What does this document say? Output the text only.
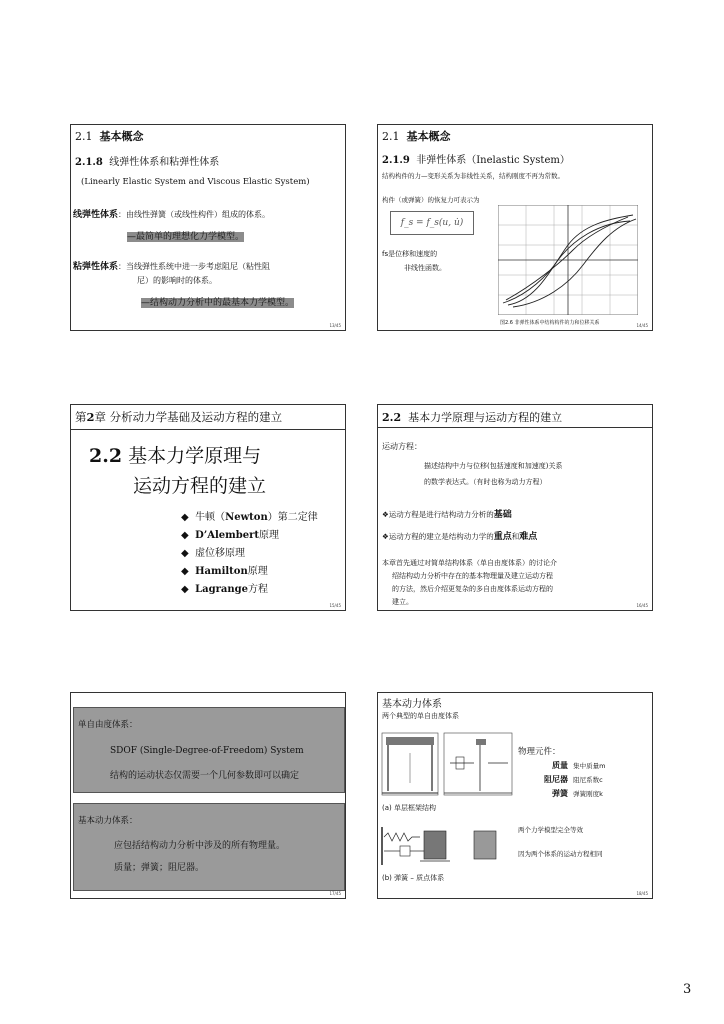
2.1 基本概念
2.1.8 线弹性体系和粘弹性体系
(Linearly Elastic System and Viscous Elastic System)
线弹性体系：由线性弹簧（或线性构件）组成的体系。
—最简单的理想化力学模型。
粘弹性体系：当线弹性系统中进一步考虑阻尼（粘性阻
尼）的影响时的体系。
—结构动力分析中的最基本力学模型。
13/45
2.1 基本概念
2.1.9 非弹性体系（Inelastic System）
结构构件的力—变形关系为非线性关系，结构刚度不再为常数。
构件（或弹簧）的恢复力可表示为
f_s = f_s(u, u̇)
fs是位移和速度的
非线性函数。
图2.6 非弹性体系中结构构件的力和位移关系	14/45
第2章 分析动力学基础及运动方程的建立
2.2 基本力学原理与
运动方程的建立
◆  牛顿（Newton）第二定律
◆  D’Alembert原理
◆  虚位移原理
◆  Hamilton原理
◆  Lagrange方程
15/45
2.2 基本力学原理与运动方程的建立
运动方程：
描述结构中力与位移(包括速度和加速度)关系
的数学表达式。（有时也称为动力方程）
❖运动方程是进行结构动力分析的基础
❖运动方程的建立是结构动力学的重点和难点
本章首先通过对简单结构体系（单自由度体系）的讨论介
绍结构动力分析中存在的基本物理量及建立运动方程
的方法，然后介绍更复杂的多自由度体系运动方程的
建立。	16/45
单自由度体系：
SDOF (Single-Degree-of-Freedom) System
结构的运动状态仅需要一个几何参数即可以确定
基本动力体系：
应包括结构动力分析中涉及的所有物理量。
质量；弹簧；阻尼器。
17/45
基本动力体系
两个典型的单自由度体系
(a) 单层框架结构
(b) 弹簧 – 质点体系
物理元件：
质量 集中质量m
阻尼器 阻尼系数c
弹簧 弹簧刚度k
两个力学模型完全等效
因为两个体系的运动方程相同
18/45
3
